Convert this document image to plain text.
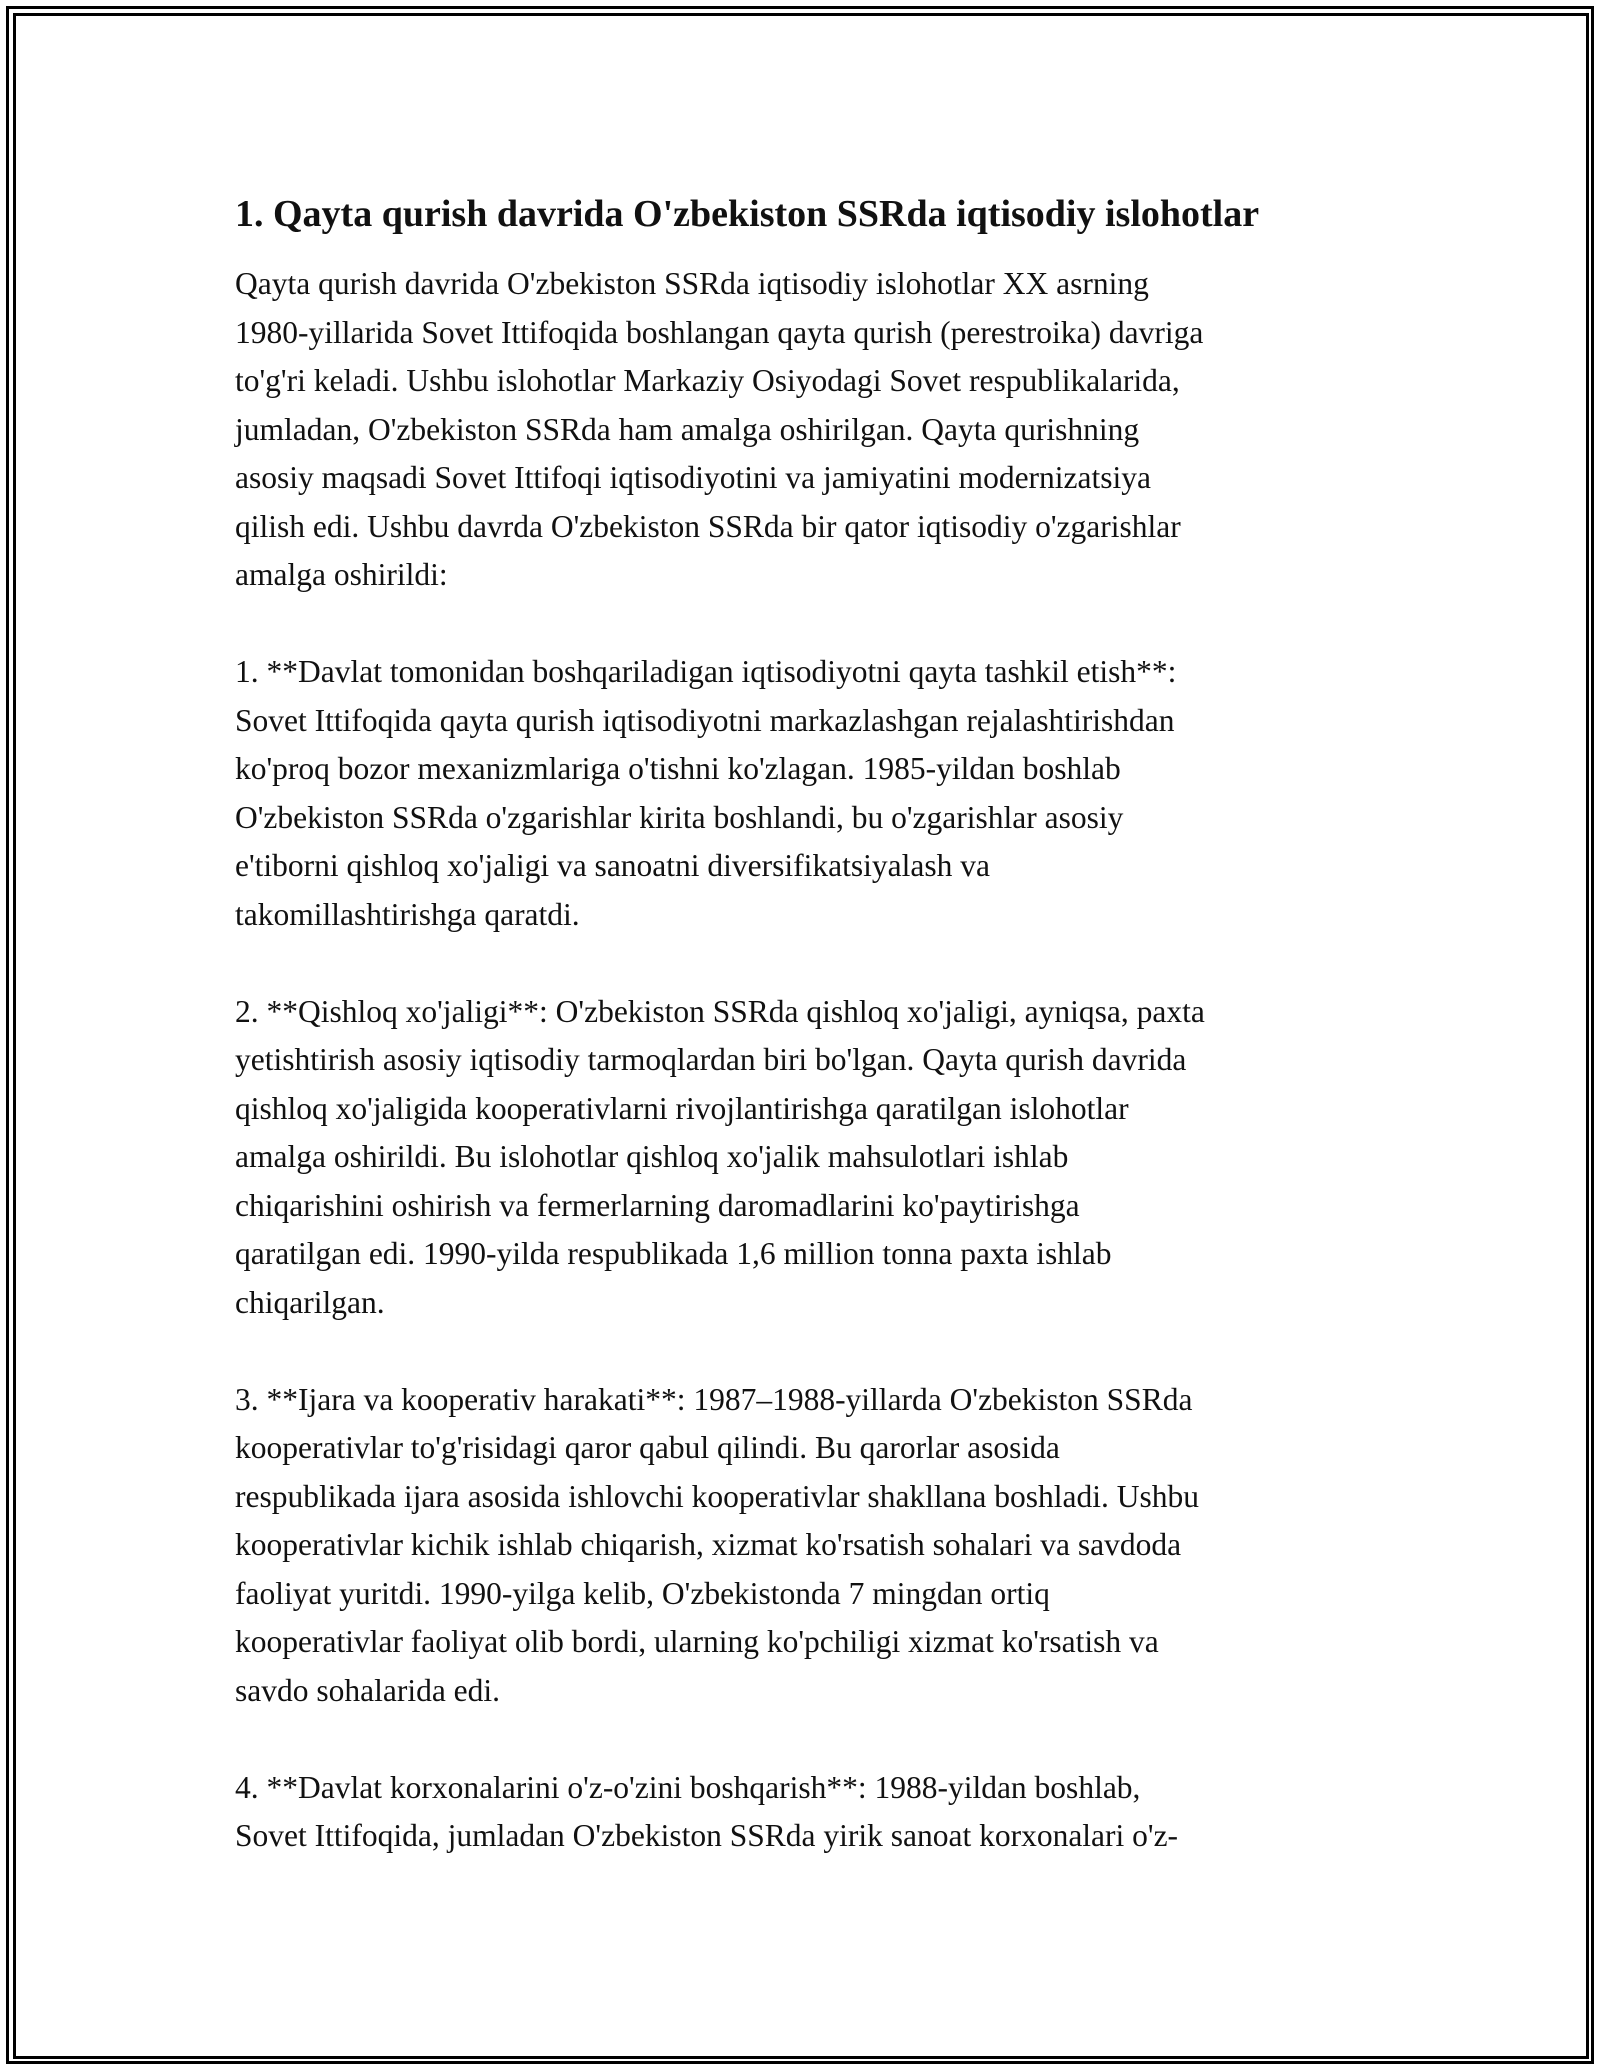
1. Qayta qurish davrida O'zbekiston SSRda iqtisodiy islohotlar

Qayta qurish davrida O'zbekiston SSRda iqtisodiy islohotlar XX asrning
1980-yillarida Sovet Ittifoqida boshlangan qayta qurish (perestroika) davriga
to'g'ri keladi. Ushbu islohotlar Markaziy Osiyodagi Sovet respublikalarida,
jumladan, O'zbekiston SSRda ham amalga oshirilgan. Qayta qurishning
asosiy maqsadi Sovet Ittifoqi iqtisodiyotini va jamiyatini modernizatsiya
qilish edi. Ushbu davrda O'zbekiston SSRda bir qator iqtisodiy o'zgarishlar
amalga oshirildi:

1. **Davlat tomonidan boshqariladigan iqtisodiyotni qayta tashkil etish**:
Sovet Ittifoqida qayta qurish iqtisodiyotni markazlashgan rejalashtirishdan
ko'proq bozor mexanizmlariga o'tishni ko'zlagan. 1985-yildan boshlab
O'zbekiston SSRda o'zgarishlar kirita boshlandi, bu o'zgarishlar asosiy
e'tiborni qishloq xo'jaligi va sanoatni diversifikatsiyalash va
takomillashtirishga qaratdi.

2. **Qishloq xo'jaligi**: O'zbekiston SSRda qishloq xo'jaligi, ayniqsa, paxta
yetishtirish asosiy iqtisodiy tarmoqlardan biri bo'lgan. Qayta qurish davrida
qishloq xo'jaligida kooperativlarni rivojlantirishga qaratilgan islohotlar
amalga oshirildi. Bu islohotlar qishloq xo'jalik mahsulotlari ishlab
chiqarishini oshirish va fermerlarning daromadlarini ko'paytirishga
qaratilgan edi. 1990-yilda respublikada 1,6 million tonna paxta ishlab
chiqarilgan.

3. **Ijara va kooperativ harakati**: 1987–1988-yillarda O'zbekiston SSRda
kooperativlar to'g'risidagi qaror qabul qilindi. Bu qarorlar asosida
respublikada ijara asosida ishlovchi kooperativlar shakllana boshladi. Ushbu
kooperativlar kichik ishlab chiqarish, xizmat ko'rsatish sohalari va savdoda
faoliyat yuritdi. 1990-yilga kelib, O'zbekistonda 7 mingdan ortiq
kooperativlar faoliyat olib bordi, ularning ko'pchiligi xizmat ko'rsatish va
savdo sohalarida edi.

4. **Davlat korxonalarini o'z-o'zini boshqarish**: 1988-yildan boshlab,
Sovet Ittifoqida, jumladan O'zbekiston SSRda yirik sanoat korxonalari o'z-
